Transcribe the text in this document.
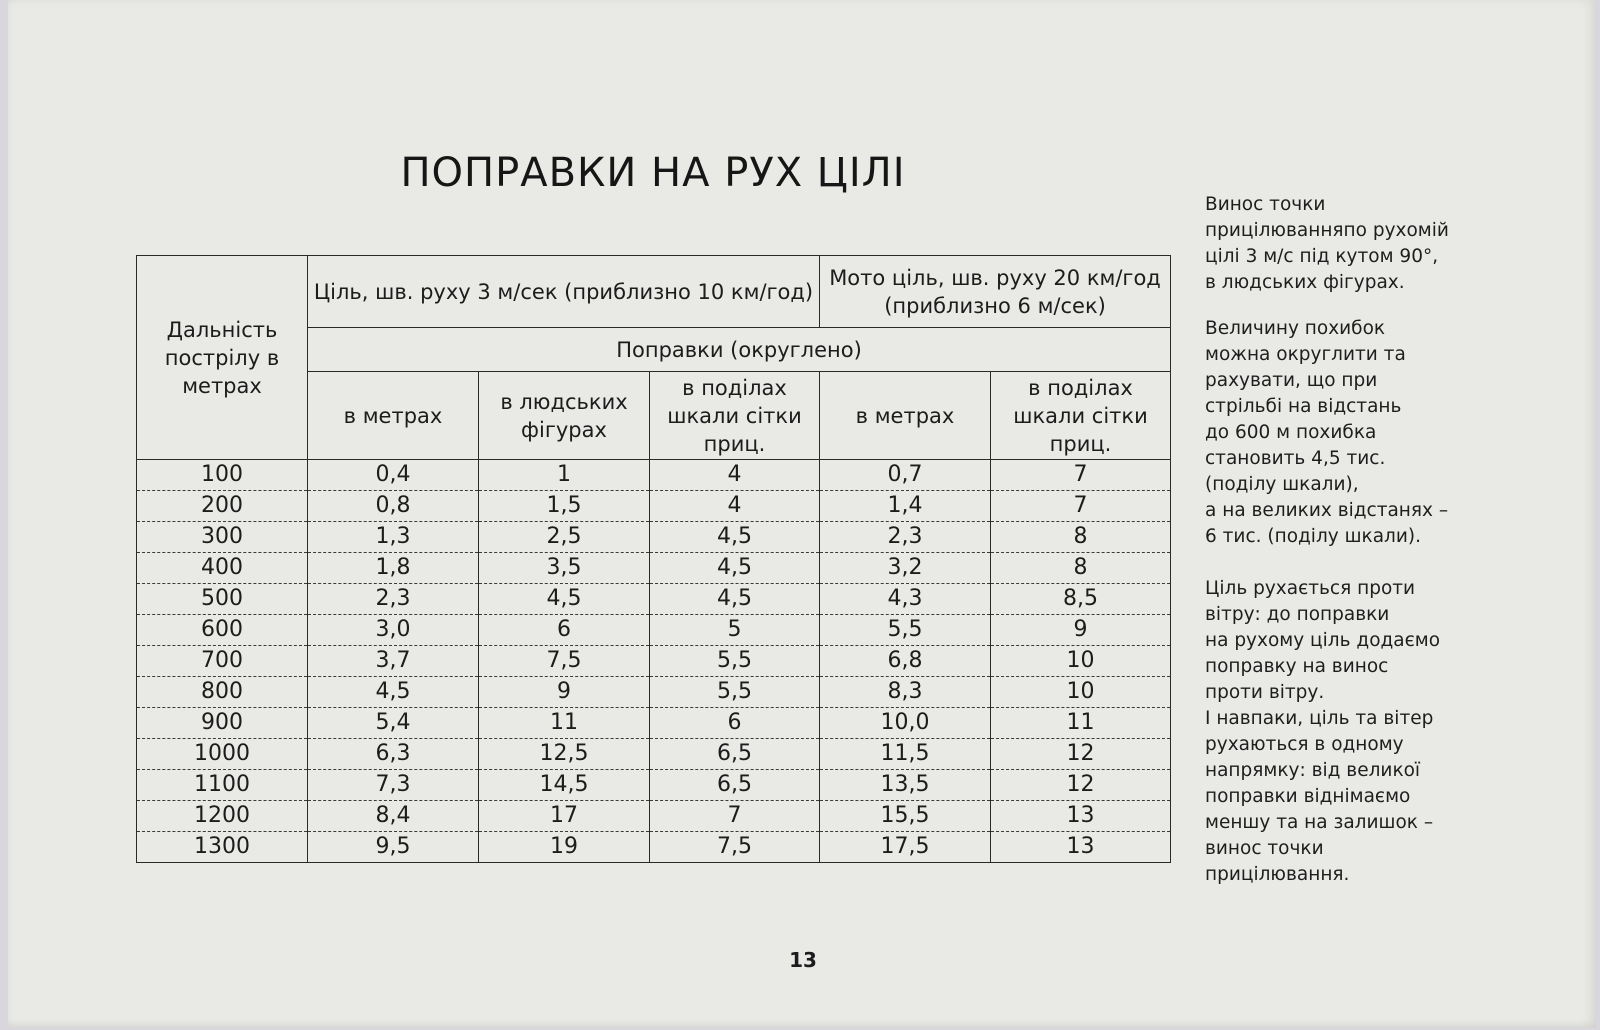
ПОПРАВКИ НА РУХ ЦІЛІ
Дальність пострілу в метрах	Ціль, шв. руху 3 м/сек (приблизно 10 км/год)			Мото ціль, шв. руху 20 км/год (приблизно 6 м/сек)	
	Поправки (округлено)				
	в метрах	в людських фігурах	в поділах шкали сітки приц.	в метрах	в поділах шкали сітки приц.
100	0,4	1	4	0,7	7
200	0,8	1,5	4	1,4	7
300	1,3	2,5	4,5	2,3	8
400	1,8	3,5	4,5	3,2	8
500	2,3	4,5	4,5	4,3	8,5
600	3,0	6	5	5,5	9
700	3,7	7,5	5,5	6,8	10
800	4,5	9	5,5	8,3	10
900	5,4	11	6	10,0	11
1000	6,3	12,5	6,5	11,5	12
1100	7,3	14,5	6,5	13,5	12
1200	8,4	17	7	15,5	13
1300	9,5	19	7,5	17,5	13

Винос точки
прицілюванняпо рухомій
цілі 3 м/с під кутом 90°,
в людських фігурах.

Величину похибок
можна округлити та
рахувати, що при
стрільбі на відстань
до 600 м похибка
становить 4,5 тис.
(поділу шкали),
а на великих відстанях –
6 тис. (поділу шкали).

Ціль рухається проти
вітру: до поправки
на рухому ціль додаємо
поправку на винос
проти вітру.
І навпаки, ціль та вітер
рухаються в одному
напрямку: від великої
поправки віднімаємо
меншу та на залишок –
винос точки
прицілювання.

13
